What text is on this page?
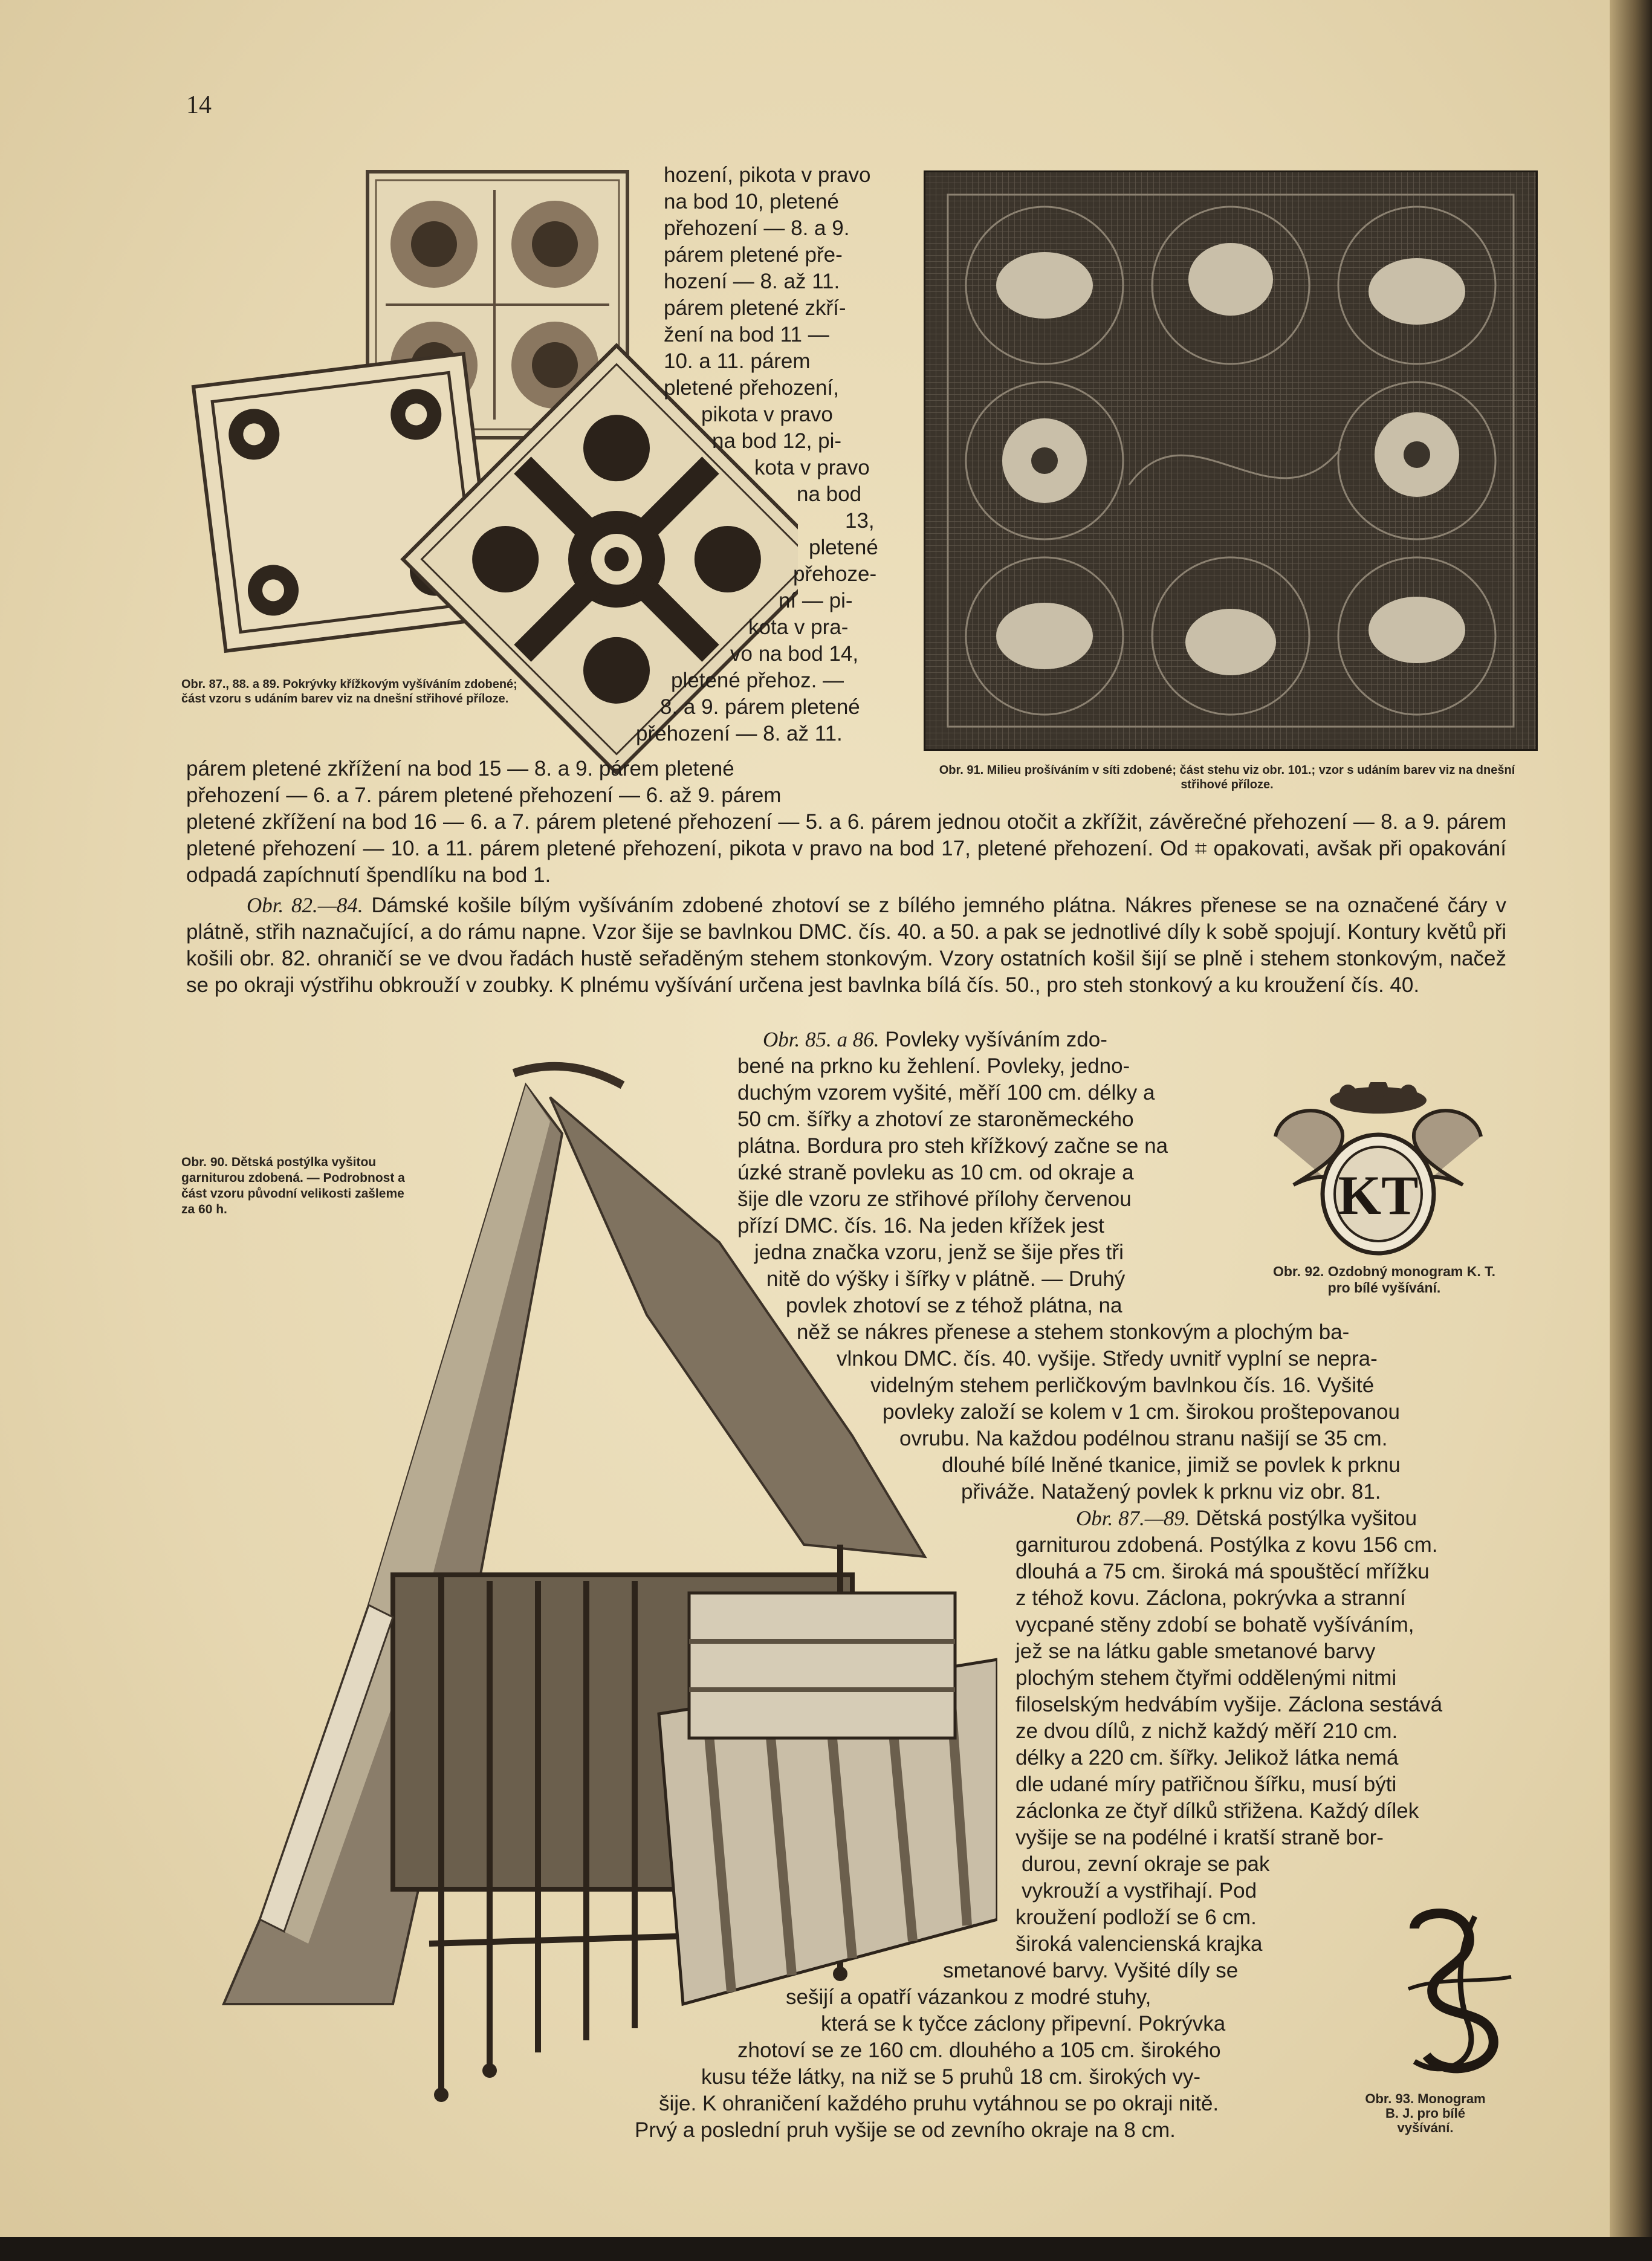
14

Obr. 87., 88. a 89. Pokrývky křížkovým vyšíváním zdobené; část vzoru s udáním barev viz na dnešní střihové příloze.

hození, pikota v pravo

na bod 10, pletené

přehození — 8. a 9.

párem pletené pře-

hození — 8. až 11.

párem pletené zkří-

žení na bod 11 —

10. a 11. párem

pletené přehození,

pikota v pravo

na bod 12, pi-

kota v pravo

na bod

13,

pletené

přehoze-

ní — pi-

kota v pra-

vo na bod 14,

pletené přehoz. —

8. a 9. párem pletené

přehození — 8. až 11.

Obr. 91. Milieu prošíváním v síti zdobené; část stehu viz obr. 101.; vzor s udáním barev viz na dnešní střihové příloze.

párem pletené zkřížení na bod 15 — 8. a 9. párem pletené

přehození — 6. a 7. párem pletené přehození — 6. až 9. párem

pletené zkřížení na bod 16 — 6. a 7. párem pletené přehození — 5. a 6. párem jednou otočit a zkřížit, závěrečné přehození — 8. a 9. párem pletené přehození — 10. a 11. párem pletené přehození, pikota v pravo na bod 17, pletené přehození. Od ⌗ opakovati, avšak při opakování odpadá zapíchnutí špendlíku na bod 1.

Obr. 82.—84. Dámské košile bílým vyšíváním zdobené zhotoví se z bílého jemného plátna. Nákres přenese se na označené čáry v plátně, střih naznačující, a do rámu napne. Vzor šije se bavlnkou DMC. čís. 40. a 50. a pak se jednotlivé díly k sobě spojují. Kontury květů při košili obr. 82. ohraničí se ve dvou řadách hustě seřaděným stehem stonkovým. Vzory ostatních košil šijí se plně i stehem stonkovým, načež se po okraji výstřihu obkrouží v zoubky. K plnému vyšívání určena jest bavlnka bílá čís. 50., pro steh stonkový a ku kroužení čís. 40.

Obr. 85. a 86. Povleky vyšíváním zdo-

bené na prkno ku žehlení. Povleky, jedno-

duchým vzorem vyšité, měří 100 cm. délky a

50 cm. šířky a zhotoví ze staroněmeckého

plátna. Bordura pro steh křížkový začne se na

úzké straně povleku as 10 cm. od okraje a

šije dle vzoru ze střihové přílohy červenou

přízí DMC. čís. 16. Na jeden křížek jest

jedna značka vzoru, jenž se šije přes tři

nitě do výšky i šířky v plátně. — Druhý

povlek zhotoví se z téhož plátna, na

něž se nákres přenese a stehem stonkovým a plochým ba-

vlnkou DMC. čís. 40. vyšije. Středy uvnitř vyplní se nepra-

videlným stehem perličkovým bavlnkou čís. 16. Vyšité

povleky založí se kolem v 1 cm. širokou proštepovanou

ovrubu. Na každou podélnou stranu našijí se 35 cm.

dlouhé bílé lněné tkanice, jimiž se povlek k prknu

přiváže. Natažený povlek k prknu viz obr. 81.

Obr. 87.—89. Dětská postýlka vyšitou

garniturou zdobená. Postýlka z kovu 156 cm.

dlouhá a 75 cm. široká má spouštěcí mřížku

z téhož kovu. Záclona, pokrývka a stranní

vycpané stěny zdobí se bohatě vyšíváním,

jež se na látku gable smetanové barvy

plochým stehem čtyřmi oddělenými nitmi

filoselským hedvábím vyšije. Záclona sestává

ze dvou dílů, z nichž každý měří 210 cm.

délky a 220 cm. šířky. Jelikož látka nemá

dle udané míry patřičnou šířku, musí býti

záclonka ze čtyř dílků střižena. Každý dílek

vyšije se na podélné i kratší straně bor-

durou, zevní okraje se pak

vykrouží a vystřihají. Pod

kroužení podloží se 6 cm.

široká valencienská krajka

smetanové barvy. Vyšité díly se

sešijí a opatří vázankou z modré stuhy,

která se k tyčce záclony připevní. Pokrývka

zhotoví se ze 160 cm. dlouhého a 105 cm. širokého

kusu téže látky, na niž se 5 pruhů 18 cm. širokých vy-

šije. K ohraničení každého pruhu vytáhnou se po okraji nitě.

Prvý a poslední pruh vyšije se od zevního okraje na 8 cm.

Obr. 90. Dětská postýlka vyšitou garniturou zdobená. — Podrobnost a část vzoru původní velikosti zašleme za 60 h.	KT

Obr. 92. Ozdobný monogram K. T. pro bílé vyšívání.

Obr. 93. Monogram B. J. pro bílé vyšívání.
